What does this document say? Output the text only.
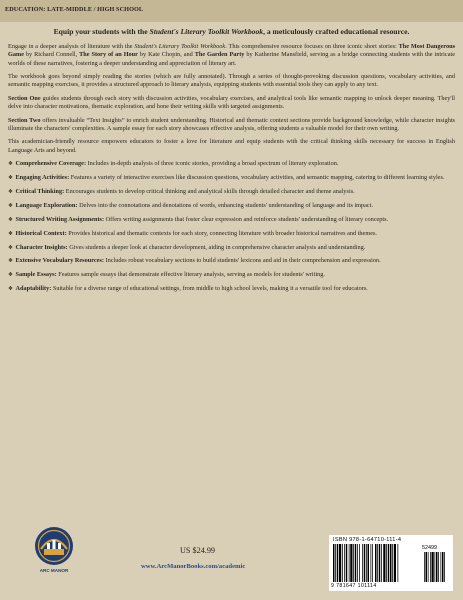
EDUCATION: LATE-MIDDLE / HIGH SCHOOL
Equip your students with the Student's Literary Toolkit Workbook, a meticulously crafted educational resource.

Engage in a deeper analysis of literature with the Student's Literary Toolkit Workbook. This comprehensive resource focuses on three iconic short stories: The Most Dangerous Game by Richard Connell, The Story of an Hour by Kate Chopin, and The Garden Party by Katherine Mansfield, serving as a bridge connecting students with the intricate worlds of these narratives, fostering a deeper understanding and appreciation of literary art.

The workbook goes beyond simply reading the stories (which are fully annotated). Through a series of thought-provoking discussion questions, vocabulary activities, and semantic mapping exercises, it provides a structured approach to literary analysis, equipping students with essential tools they can apply to any text.

Section One guides students through each story with discussion activities, vocabulary exercises, and analytical tools like semantic mapping to unlock deeper meaning. They'll delve into character motivations, thematic exploration, and hone their writing skills with targeted assignments.

Section Two offers invaluable “Text Insights” to enrich student understanding. Historical and thematic context sections provide background knowledge, while character insights illuminate the characters' complexities. A sample essay for each story showcases effective analysis, offering students a valuable model for their own writing.

This academician-friendly resource empowers educators to foster a love for literature and equip students with the critical thinking skills necessary for success in English Language Arts and beyond.

❖ Comprehensive Coverage: Includes in-depth analysis of three iconic stories, providing a broad spectrum of literary exploration.

❖ Engaging Activities: Features a variety of interactive exercises like discussion questions, vocabulary activities, and semantic mapping, catering to different learning styles.

❖ Critical Thinking: Encourages students to develop critical thinking and analytical skills through detailed character and theme analysis.

❖ Language Exploration: Delves into the connotations and denotations of words, enhancing students' understanding of language and its impact.

❖ Structured Writing Assignments: Offers writing assignments that foster clear expression and reinforce students' understanding of literary concepts.

❖ Historical Context: Provides historical and thematic contexts for each story, connecting literature with broader historical narratives and themes.

❖ Character Insights: Gives students a deeper look at character development, aiding in comprehensive character analysis and understanding.

❖ Extensive Vocabulary Resources: Includes robust vocabulary sections to build students' lexicons and aid in their comprehension and expression.

❖ Sample Essays: Features sample essays that demonstrate effective literary analysis, serving as models for students' writing.

❖ Adaptability: Suitable for a diverse range of educational settings, from middle to high school levels, making it a versatile tool for educators.

ARC MANOR
US $24.99
www.ArcManorBooks.com/academic
ISBN 978-1-64710-111-4
52499
9 781647 101114
